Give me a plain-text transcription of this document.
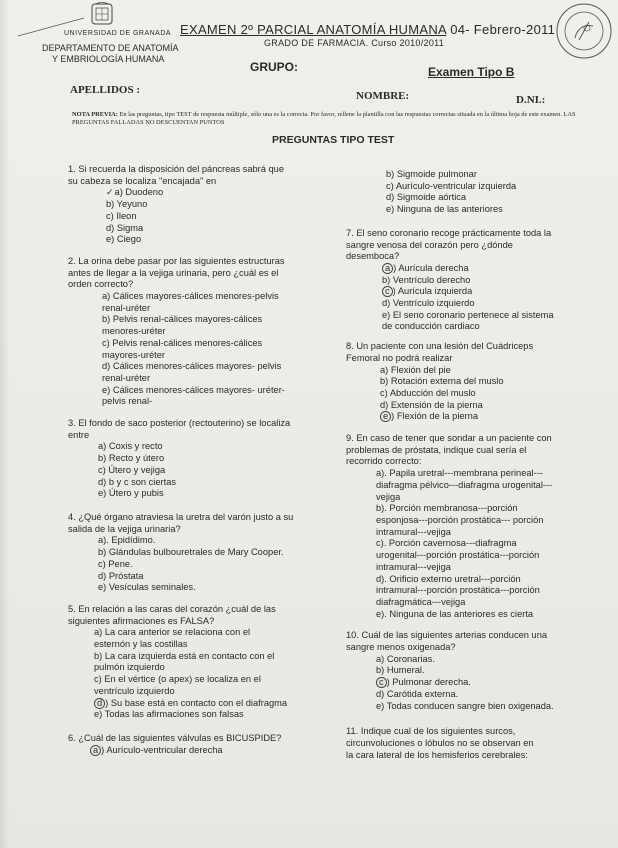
UNIVERSIDAD DE GRANADA
DEPARTAMENTO DE ANATOMÍA
Y EMBRIOLOGÍA HUMANA
EXAMEN 2º PARCIAL ANATOMÍA HUMANA 04- Febrero-2011
GRADO DE FARMACIA. Curso 2010/2011
GRUPO:	Examen Tipo B
APELLIDOS :	NOMBRE:	D.NI.:
NOTA PREVIA: En las preguntas, tipo TEST de respuesta múltiple, sólo una es la correcta. Por favor, rellene la plantilla con las respuestas correctas situada en la última hoja de este examen. LAS PREGUNTAS FALLADAS NO DESCUENTAN PUNTOS
PREGUNTAS TIPO TEST
1. Si recuerda la disposición del páncreas sabrá que
su cabeza se localiza "encajada" en
✓a) Duodeno
b) Yeyuno
c) Ileon
d) Sigma
e) Ciego
2. La orina debe pasar por las siguientes estructuras
antes de llegar a la vejiga urinaria, pero ¿cuál es el
orden correcto?
a) Cálices mayores-cálices menores-pelvis
renal-uréter
b) Pelvis renal-cálices mayores-cálices
menores-uréter
c) Pelvis renal-cálices menores-cálices
mayores-uréter
d) Cálices menores-cálices mayores- pelvis
renal-uréter
e) Cálices menores-cálices mayores- uréter-
pelvis renal-
3. El fondo de saco posterior (rectouterino) se localiza
entre
a) Coxis y recto
b) Recto y útero
c) Útero y vejiga
d) b y c son ciertas
e) Útero y pubis
4. ¿Qué órgano atraviesa la uretra del varón justo a su
salida de la vejiga urinaria?
a). Epidídimo.
b) Glándulas bulbouretrales de Mary Cooper.
c) Pene.
d) Próstata
e) Vesículas seminales.
5. En relación a las caras del corazón ¿cuál de las
siguientes afirmaciones es FALSA?
a) La cara anterior se relaciona con el
esternón y las costillas
b) La cara izquierda está en contacto con el
pulmón izquierdo
c) En el vértice (o apex) se localiza en el
ventrículo izquierdo
d ) Su base está en contacto con el diafragma
e) Todas las afirmaciones son falsas
6. ¿Cuál de las siguientes válvulas es BICUSPIDE?
a ) Aurículo-ventricular derecha
b) Sigmoide pulmonar
c) Aurículo-ventricular izquierda
d) Sigmoide aórtica
e) Ninguna de las anteriores
7. El seno coronario recoge prácticamente toda la
sangre venosa del corazón pero ¿dónde
desemboca?
a ) Aurícula derecha
b) Ventrículo derecho
c ) Aurícula izquierda
d) Ventrículo izquierdo
e) El seno coronario pertenece al sistema
de conducción cardiaco
8. Un paciente con una lesión del Cuádriceps
Femoral no podrá realizar
a) Flexión del pie
b) Rotación externa del muslo
c) Abducción del muslo
d) Extensión de la pierna
e ) Flexión de la pierna
9. En caso de tener que sondar a un paciente con
problemas de próstata, indique cual sería el
recorrido correcto:
a). Papila uretral---membrana perineal---
diafragma pélvico---diafragma urogenital---
vejiga
b). Porción membranosa---porción
esponjosa---porción prostática--- porción
intramural---vejiga
c). Porción cavernosa---diafragma
urogenital---porción prostática---porción
intramural---vejiga
d). Orificio externo uretral---porción
intramural---porción prostática---porción
diafragmática---vejiga
e). Ninguna de las anteriores es cierta
10. Cuál de las siguientes arterias conducen una
sangre menos oxigenada?
a) Coronarias.
b) Humeral.
c ) Pulmonar derecha.
d) Carótida externa.
e) Todas conducen sangre bien oxigenada.
11. Indique cual de los siguientes surcos,
circunvoluciones o lóbulos no se observan en
la cara lateral de los hemisferios cerebrales:
